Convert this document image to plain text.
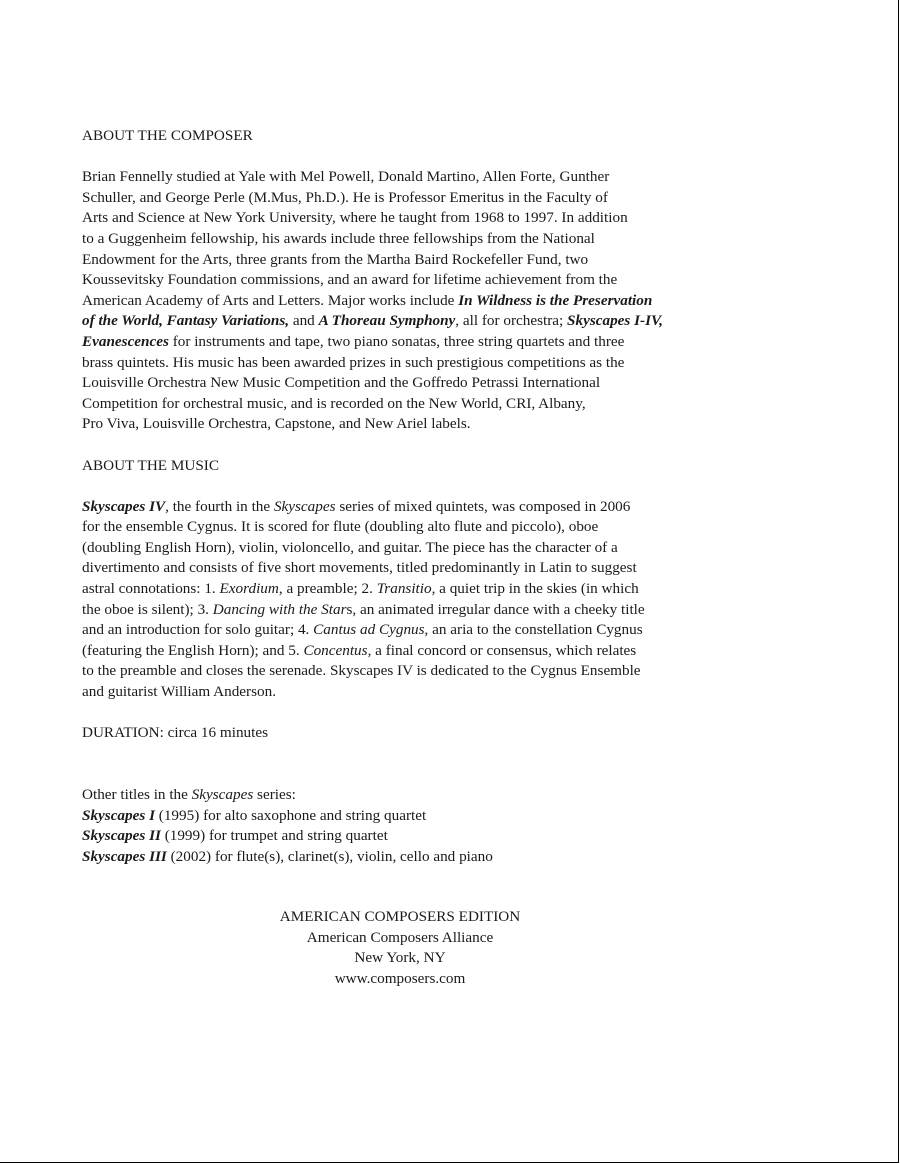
ABOUT THE COMPOSER
Brian Fennelly studied at Yale with Mel Powell, Donald Martino, Allen Forte, Gunther
Schuller, and George Perle (M.Mus, Ph.D.). He is Professor Emeritus in the Faculty of
Arts and Science at New York University, where he taught from 1968 to 1997. In addition
to a Guggenheim fellowship, his awards include three fellowships from the National
Endowment for the Arts, three grants from the Martha Baird Rockefeller Fund, two
Koussevitsky Foundation commissions, and an award for lifetime achievement from the
American Academy of Arts and Letters. Major works include In Wildness is the Preservation
of the World, Fantasy Variations, and A Thoreau Symphony, all for orchestra; Skyscapes I-IV,
Evanescences for instruments and tape, two piano sonatas, three string quartets and three
brass quintets. His music has been awarded prizes in such prestigious competitions as the
Louisville Orchestra New Music Competition and the Goffredo Petrassi International
Competition for orchestral music, and is recorded on the New World, CRI, Albany,
Pro Viva, Louisville Orchestra, Capstone, and New Ariel labels.
ABOUT THE MUSIC
Skyscapes IV, the fourth in the Skyscapes series of mixed quintets, was composed in 2006
for the ensemble Cygnus. It is scored for flute (doubling alto flute and piccolo), oboe
(doubling English Horn), violin, violoncello, and guitar. The piece has the character of a
divertimento and consists of five short movements, titled predominantly in Latin to suggest
astral connotations: 1. Exordium, a preamble; 2. Transitio, a quiet trip in the skies (in which
the oboe is silent); 3. Dancing with the Stars, an animated irregular dance with a cheeky title
and an introduction for solo guitar; 4. Cantus ad Cygnus, an aria to the constellation Cygnus
(featuring the English Horn); and 5. Concentus, a final concord or consensus, which relates
to the preamble and closes the serenade. Skyscapes IV is dedicated to the Cygnus Ensemble
and guitarist William Anderson.
DURATION: circa 16 minutes
Other titles in the Skyscapes series:
Skyscapes I (1995) for alto saxophone and string quartet
Skyscapes II (1999) for trumpet and string quartet
Skyscapes III (2002) for flute(s), clarinet(s), violin, cello and piano
AMERICAN COMPOSERS EDITION
American Composers Alliance
New York, NY
www.composers.com
